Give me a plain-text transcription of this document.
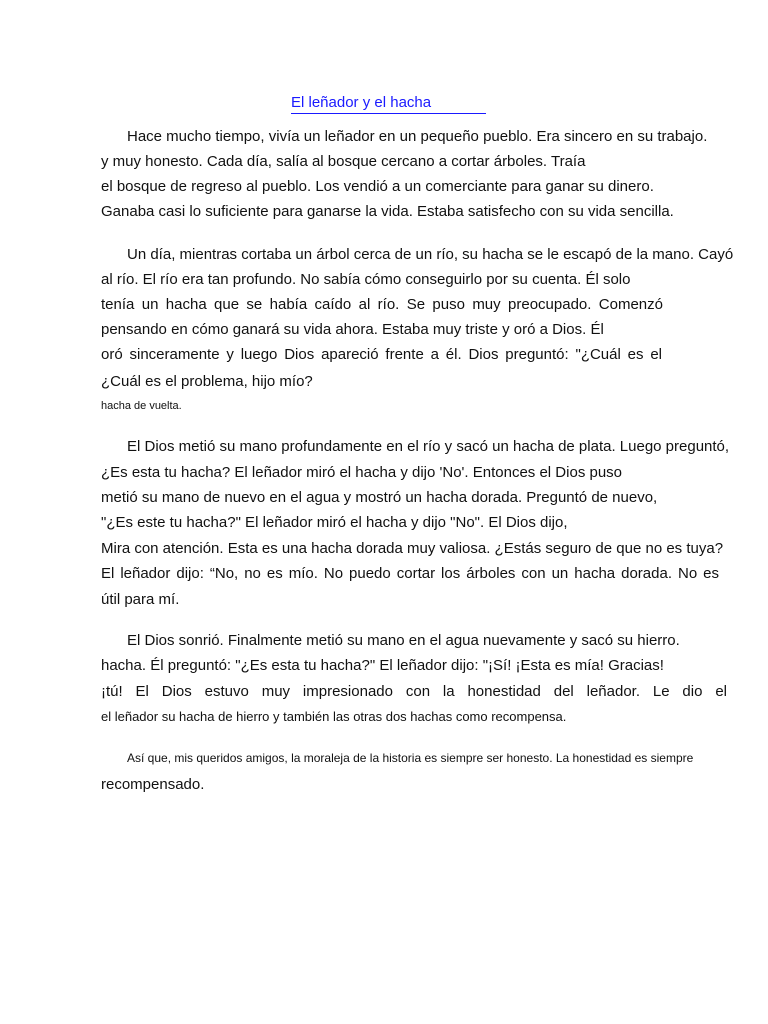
El leñador y el hacha
Hace mucho tiempo, vivía un leñador en un pequeño pueblo. Era sincero en su trabajo.
y muy honesto. Cada día, salía al bosque cercano a cortar árboles. Traía
el bosque de regreso al pueblo. Los vendió a un comerciante para ganar su dinero.
Ganaba casi lo suficiente para ganarse la vida. Estaba satisfecho con su vida sencilla.
Un día, mientras cortaba un árbol cerca de un río, su hacha se le escapó de la mano. Cayó
al río. El río era tan profundo. No sabía cómo conseguirlo por su cuenta. Él solo
tenía un hacha que se había caído al río. Se puso muy preocupado. Comenzó
pensando en cómo ganará su vida ahora. Estaba muy triste y oró a Dios. Él
oró sinceramente y luego Dios apareció frente a él. Dios preguntó: "¿Cuál es el
¿Cuál es el problema, hijo mío?
hacha de vuelta.
El Dios metió su mano profundamente en el río y sacó un hacha de plata. Luego preguntó,
¿Es esta tu hacha? El leñador miró el hacha y dijo 'No'. Entonces el Dios puso
metió su mano de nuevo en el agua y mostró un hacha dorada. Preguntó de nuevo,
"¿Es este tu hacha?" El leñador miró el hacha y dijo "No". El Dios dijo,
Mira con atención. Esta es una hacha dorada muy valiosa. ¿Estás seguro de que no es tuya?
El leñador dijo: “No, no es mío. No puedo cortar los árboles con un hacha dorada. No es
útil para mí.
El Dios sonrió. Finalmente metió su mano en el agua nuevamente y sacó su hierro.
hacha. Él preguntó: "¿Es esta tu hacha?" El leñador dijo: "¡Sí! ¡Esta es mía! Gracias!
¡tú! El Dios estuvo muy impresionado con la honestidad del leñador. Le dio el
el leñador su hacha de hierro y también las otras dos hachas como recompensa.
Así que, mis queridos amigos, la moraleja de la historia es siempre ser honesto. La honestidad es siempre
recompensado.
